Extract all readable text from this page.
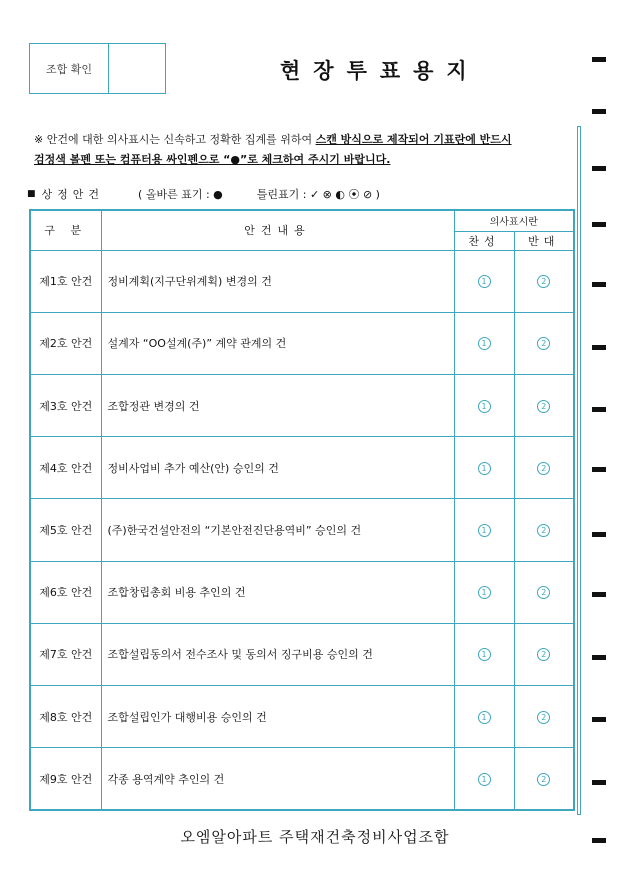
조합 확인	현장투표용지
※ 안건에 대한 의사표시는 신속하고 정확한 집계를 위하여 스캔 방식으로 제작되어 기표란에 반드시
검정색 볼펜 또는 컴퓨터용 싸인펜으로 “●”로 체크하여 주시기 바랍니다.
■ 상정안건	( 올바른 표기 : ●	틀린표기 : ✓ ⊗ ◐ ⦿ ⊘ )
구 분	안건내용	의사표시란	
		찬성	반대
제1호 안건	정비계획(지구단위계획) 변경의 건	1	2
제2호 안건	설계자 “OO설계(주)” 계약 관계의 건	1	2
제3호 안건	조합정관 변경의 건	1	2
제4호 안건	정비사업비 추가 예산(안) 승인의 건	1	2
제5호 안건	(주)한국건설안전의 “기본안전진단용역비” 승인의 건	1	2
제6호 안건	조합창립총회 비용 추인의 건	1	2
제7호 안건	조합설립동의서 전수조사 및 동의서 징구비용 승인의 건	1	2
제8호 안건	조합설립인가 대행비용 승인의 건	1	2
제9호 안건	각종 용역계약 추인의 건	1	2
오엠알아파트 주택재건축정비사업조합
